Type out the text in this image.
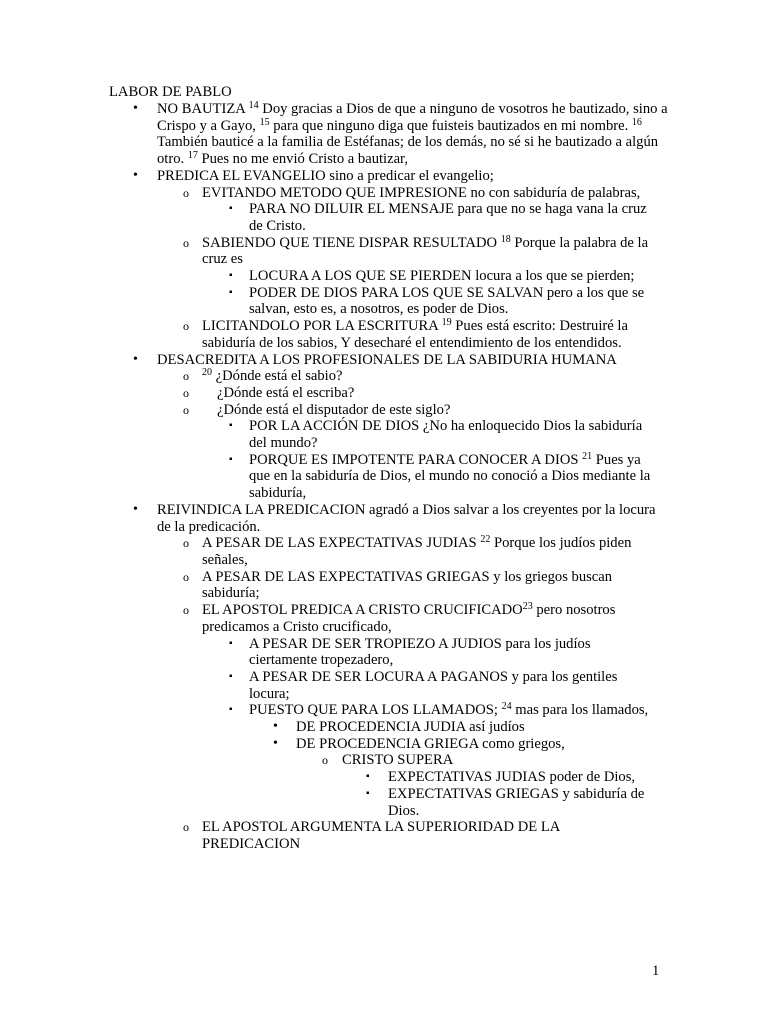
LABOR DE PABLO
• NO BAUTIZA $^{14}$ Doy gracias a Dios de que a ninguno de vosotros he bautizado, sino a Crispo y a Gayo, $^{15}$ para que ninguno diga que fuisteis bautizados en mi nombre. $^{16}$ También bauticé a la familia de Estéfanas; de los demás, no sé si he bautizado a algún otro. $^{17}$ Pues no me envió Cristo a bautizar,
• PREDICA EL EVANGELIO sino a predicar el evangelio;
o EVITANDO METODO QUE IMPRESIONE no con sabiduría de palabras,
▪ PARA NO DILUIR EL MENSAJE para que no se haga vana la cruz de Cristo.
o SABIENDO QUE TIENE DISPAR RESULTADO $^{18}$ Porque la palabra de la cruz es
▪ LOCURA A LOS QUE SE PIERDEN locura a los que se pierden;
▪ PODER DE DIOS PARA LOS QUE SE SALVAN pero a los que se salvan, esto es, a nosotros, es poder de Dios.
o LICITANDOLO POR LA ESCRITURA $^{19}$ Pues está escrito: Destruiré la sabiduría de los sabios, Y desecharé el entendimiento de los entendidos.
• DESACREDITA A LOS PROFESIONALES DE LA SABIDURIA HUMANA
o $^{20}$ ¿Dónde está el sabio?
o ¿Dónde está el escriba?
o ¿Dónde está el disputador de este siglo?
▪ POR LA ACCIÓN DE DIOS ¿No ha enloquecido Dios la sabiduría del mundo?
▪ PORQUE ES IMPOTENTE PARA CONOCER A DIOS $^{21}$ Pues ya que en la sabiduría de Dios, el mundo no conoció a Dios mediante la sabiduría,
• REIVINDICA LA PREDICACION agradó a Dios salvar a los creyentes por la locura de la predicación.
o A PESAR DE LAS EXPECTATIVAS JUDIAS $^{22}$ Porque los judíos piden señales,
o A PESAR DE LAS EXPECTATIVAS GRIEGAS y los griegos buscan sabiduría;
o EL APOSTOL PREDICA A CRISTO CRUCIFICADO$^{23}$ pero nosotros predicamos a Cristo crucificado,
▪ A PESAR DE SER TROPIEZO A JUDIOS para los judíos ciertamente tropezadero,
▪ A PESAR DE SER LOCURA A PAGANOS y para los gentiles locura;
▪ PUESTO QUE PARA LOS LLAMADOS; $^{24}$ mas para los llamados,
• DE PROCEDENCIA JUDIA así judíos
• DE PROCEDENCIA GRIEGA como griegos,
o CRISTO SUPERA
▪ EXPECTATIVAS JUDIAS poder de Dios,
▪ EXPECTATIVAS GRIEGAS y sabiduría de Dios.
o EL APOSTOL ARGUMENTA LA SUPERIORIDAD DE LA PREDICACION
1
